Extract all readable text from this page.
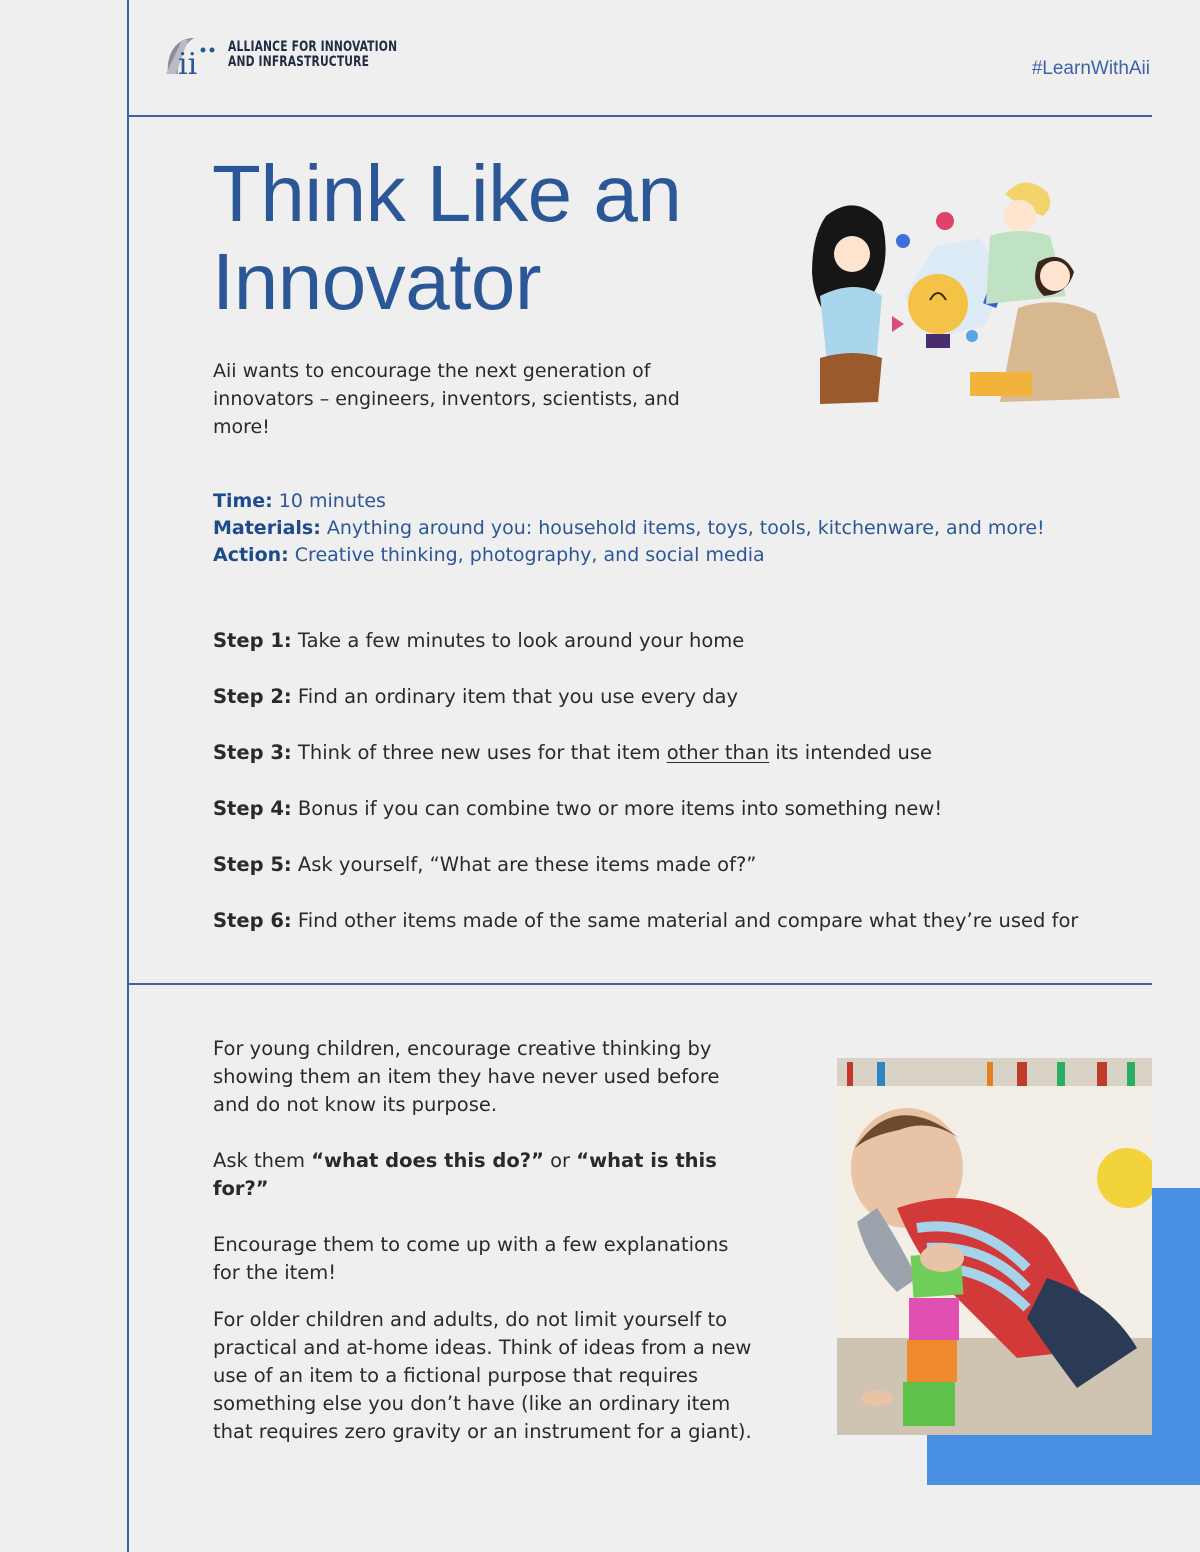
ii ALLIANCE FOR INNOVATION
AND INFRASTRUCTURE	#LearnWithAii
Think Like an
Innovator
Aii wants to encourage the next generation of innovators – engineers, inventors, scientists, and more!
Time: 10 minutes
Materials: Anything around you: household items, toys, tools, kitchenware, and more!
Action: Creative thinking, photography, and social media
Step 1: Take a few minutes to look around your home
Step 2: Find an ordinary item that you use every day
Step 3: Think of three new uses for that item other than its intended use
Step 4: Bonus if you can combine two or more items into something new!
Step 5: Ask yourself, “What are these items made of?”
Step 6: Find other items made of the same material and compare what they’re used for

For young children, encourage creative thinking by showing them an item they have never used before and do not know its purpose.

Ask them “what does this do?” or “what is this for?”

Encourage them to come up with a few explanations for the item!

For older children and adults, do not limit yourself to practical and at-home ideas. Think of ideas from a new use of an item to a fictional purpose that requires something else you don’t have (like an ordinary item that requires zero gravity or an instrument for a giant).
